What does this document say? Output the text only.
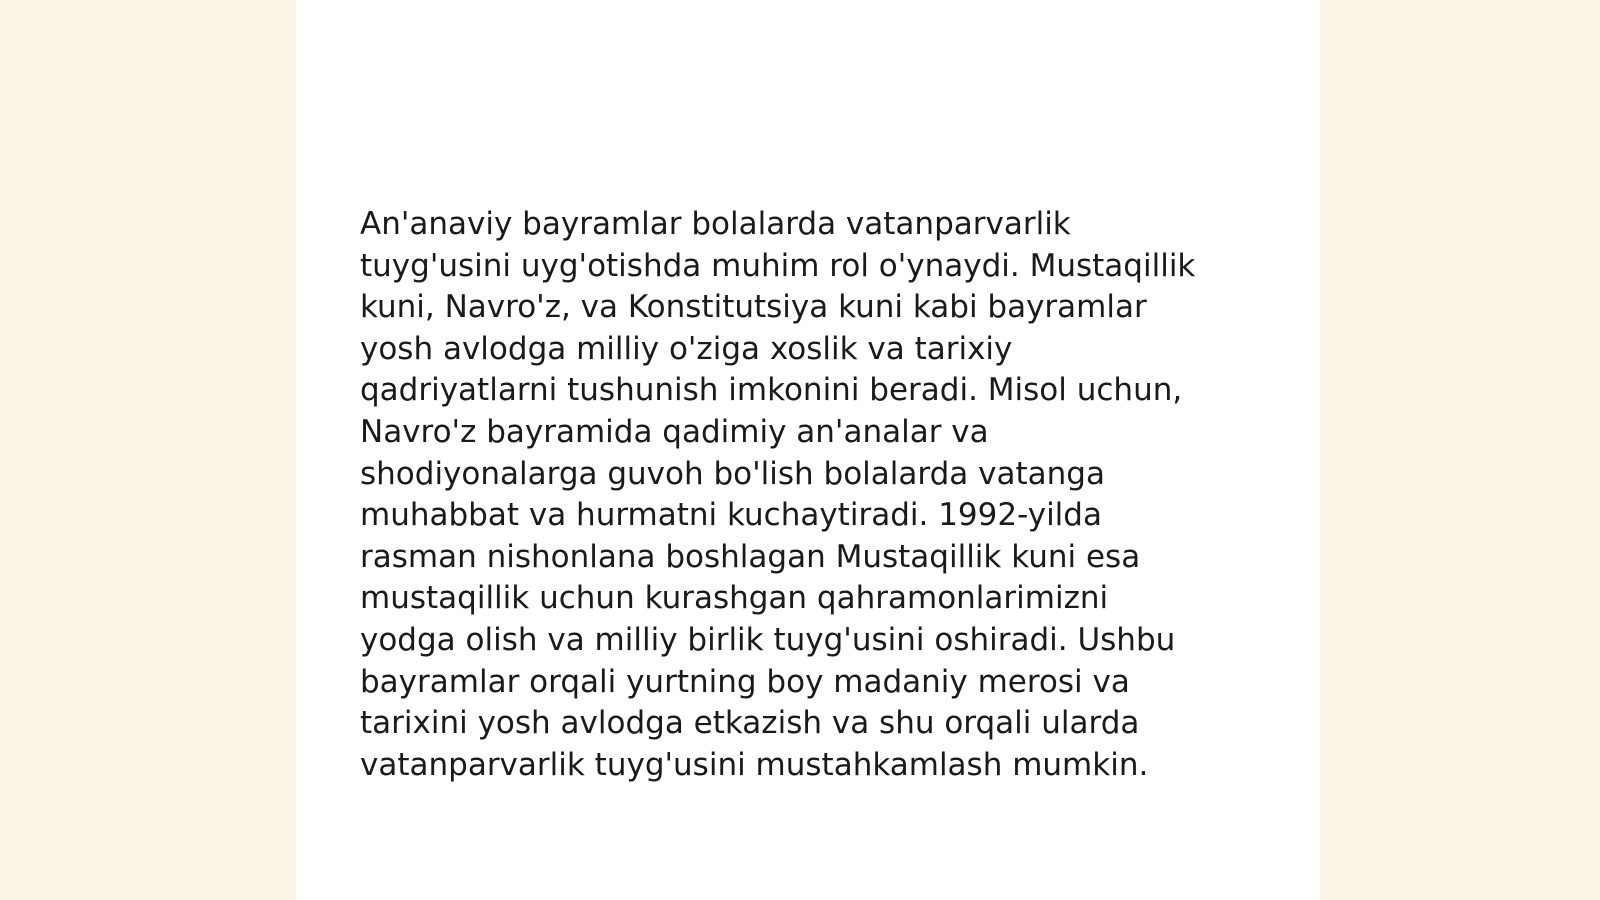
An'anaviy bayramlar bolalarda vatanparvarlik
tuyg'usini uyg'otishda muhim rol o'ynaydi. Mustaqillik
kuni, Navro'z, va Konstitutsiya kuni kabi bayramlar
yosh avlodga milliy o'ziga xoslik va tarixiy
qadriyatlarni tushunish imkonini beradi. Misol uchun,
Navro'z bayramida qadimiy an'analar va
shodiyonalarga guvoh bo'lish bolalarda vatanga
muhabbat va hurmatni kuchaytiradi. 1992-yilda
rasman nishonlana boshlagan Mustaqillik kuni esa
mustaqillik uchun kurashgan qahramonlarimizni
yodga olish va milliy birlik tuyg'usini oshiradi. Ushbu
bayramlar orqali yurtning boy madaniy merosi va
tarixini yosh avlodga etkazish va shu orqali ularda
vatanparvarlik tuyg'usini mustahkamlash mumkin.
